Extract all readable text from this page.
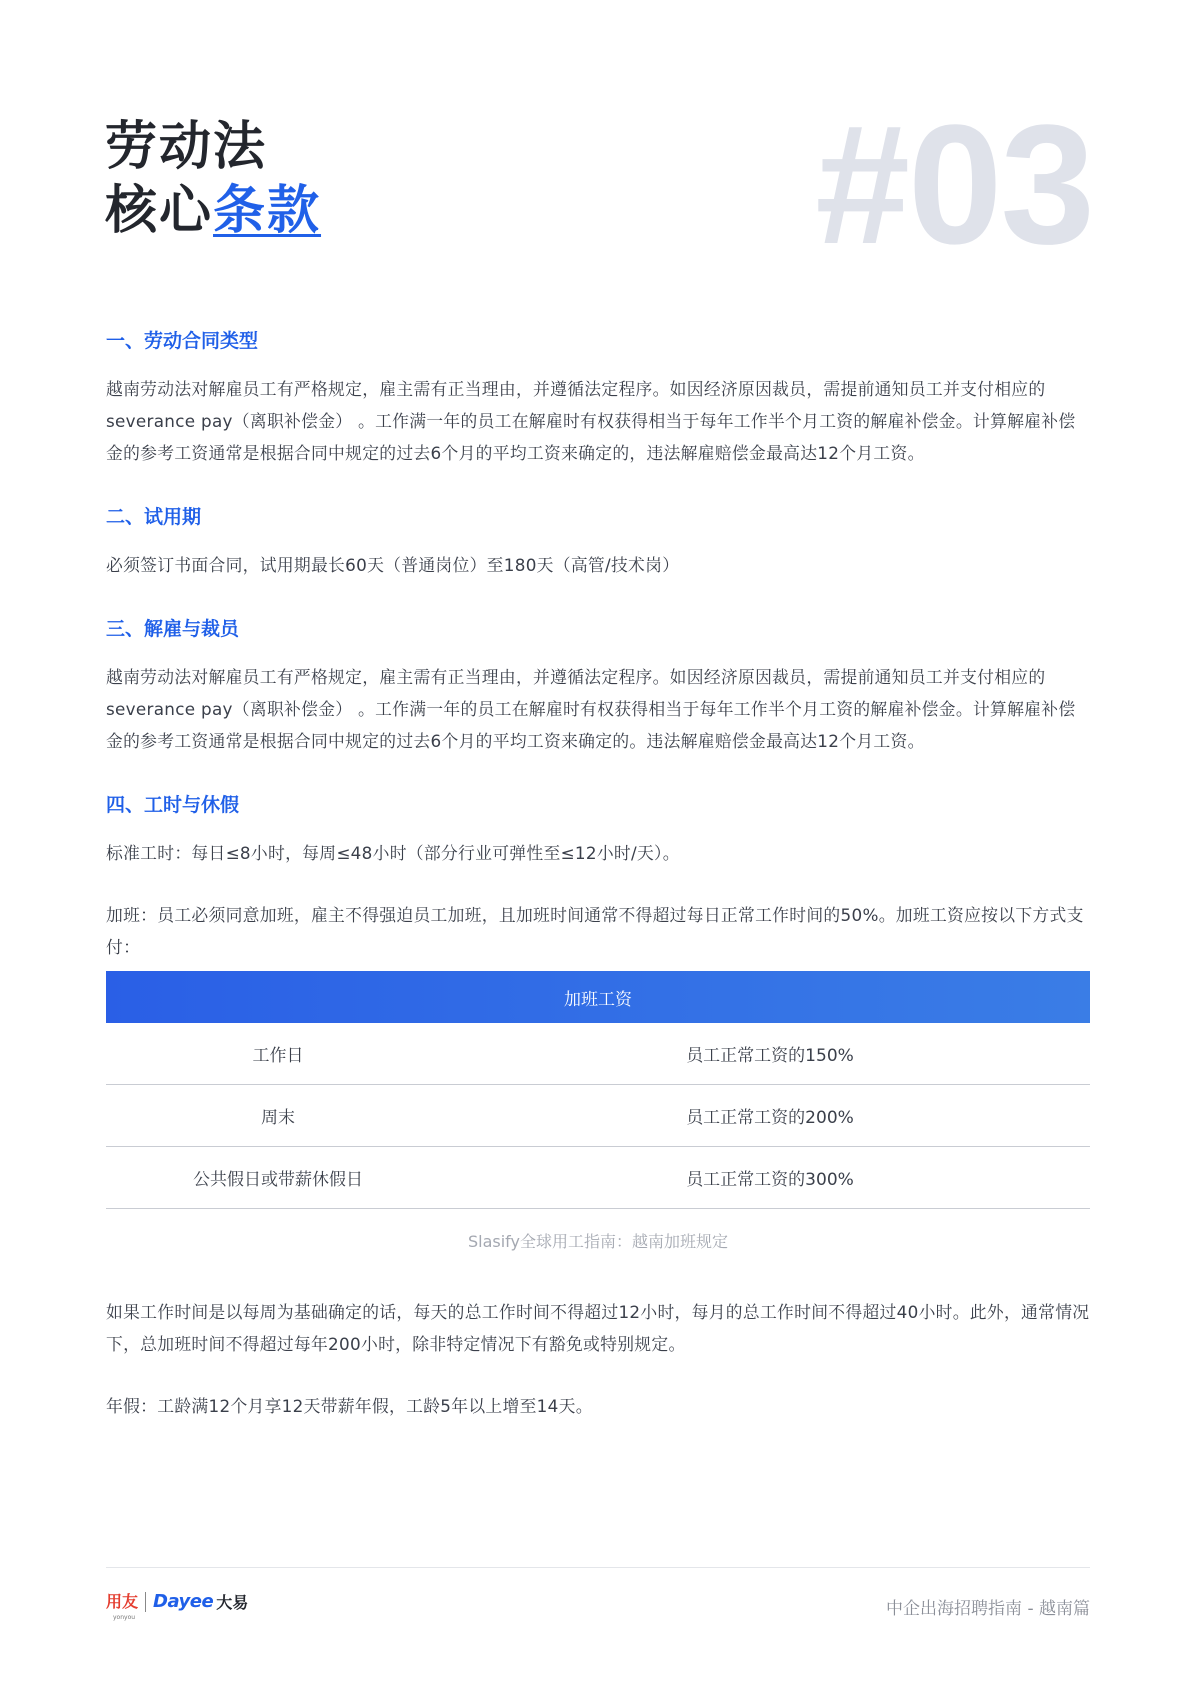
劳动法
核心条款	#03
一、劳动合同类型

越南劳动法对解雇员工有严格规定，雇主需有正当理由，并遵循法定程序。如因经济原因裁员，需提前通知员工并支付相应的 severance pay（离职补偿金） 。工作满一年的员工在解雇时有权获得相当于每年工作半个月工资的解雇补偿金。计算解雇补偿金的参考工资通常是根据合同中规定的过去6个月的平均工资来确定的，违法解雇赔偿金最高达12个月工资。

二、试用期

必须签订书面合同，试用期最长60天（普通岗位）至180天（高管/技术岗）

三、解雇与裁员

越南劳动法对解雇员工有严格规定，雇主需有正当理由，并遵循法定程序。如因经济原因裁员，需提前通知员工并支付相应的 severance pay（离职补偿金） 。工作满一年的员工在解雇时有权获得相当于每年工作半个月工资的解雇补偿金。计算解雇补偿金的参考工资通常是根据合同中规定的过去6个月的平均工资来确定的。违法解雇赔偿金最高达12个月工资。

四、工时与休假

标准工时：每日≤8小时，每周≤48小时（部分行业可弹性至≤12小时/天）。

加班：员工必须同意加班，雇主不得强迫员工加班，且加班时间通常不得超过每日正常工作时间的50%。加班工资应按以下方式支付：

加班工资
工作日	员工正常工资的150%
周末	员工正常工资的200%
公共假日或带薪休假日	员工正常工资的300%
Slasify全球用工指南：越南加班规定

如果工作时间是以每周为基础确定的话，每天的总工作时间不得超过12小时，每月的总工作时间不得超过40小时。此外，通常情况下，总加班时间不得超过每年200小时，除非特定情况下有豁免或特别规定。

年假：工龄满12个月享12天带薪年假，工龄5年以上增至14天。

用友
yonyou
Dayee 大易	中企出海招聘指南 - 越南篇
